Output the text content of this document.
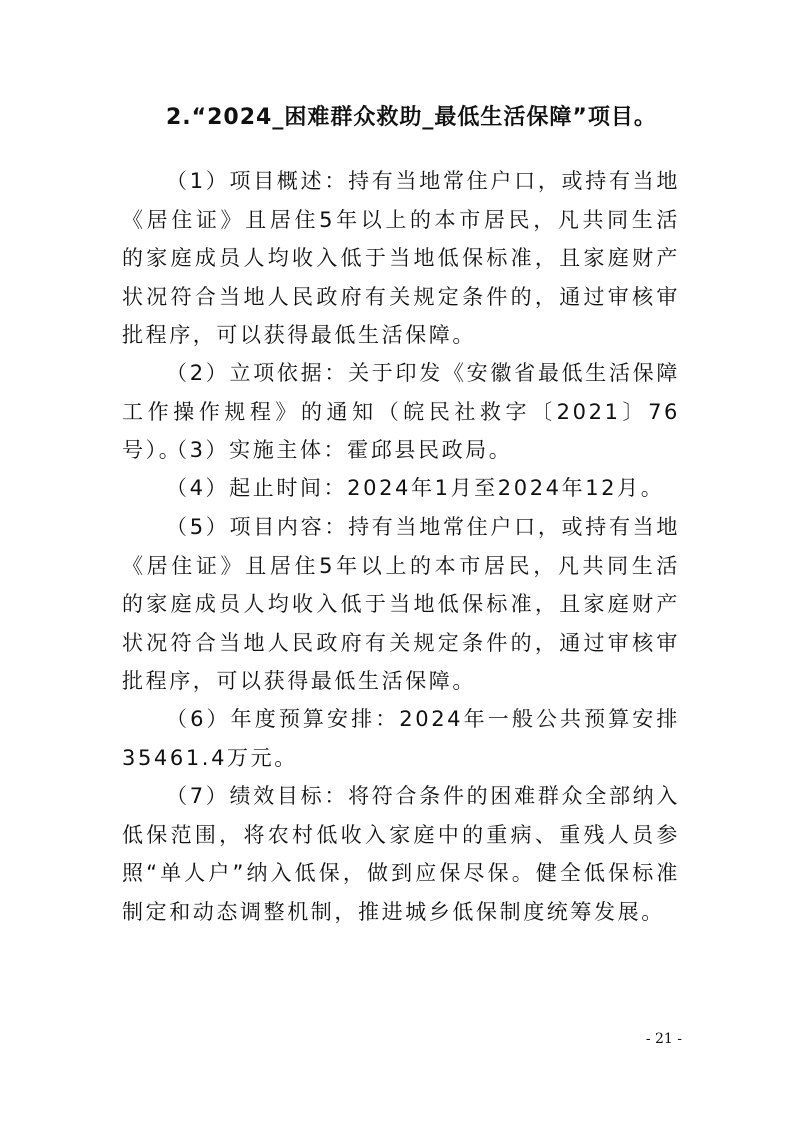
2.“2024_困难群众救助_最低生活保障”项目。

（1）项目概述：持有当地常住户口，或持有当地《居住证》且居住5年以上的本市居民，凡共同生活的家庭成员人均收入低于当地低保标准，且家庭财产状况符合当地人民政府有关规定条件的，通过审核审批程序，可以获得最低生活保障。

（2）立项依据：关于印发《安徽省最低生活保障工作操作规程》的通知（皖民社救字〔2021〕76号）。

（3）实施主体：霍邱县民政局。

（4）起止时间：2024年1月至2024年12月。

（5）项目内容：持有当地常住户口，或持有当地《居住证》且居住5年以上的本市居民，凡共同生活的家庭成员人均收入低于当地低保标准，且家庭财产状况符合当地人民政府有关规定条件的，通过审核审批程序，可以获得最低生活保障。

（6）年度预算安排：2024年一般公共预算安排35461.4万元。

（7）绩效目标：将符合条件的困难群众全部纳入低保范围，将农村低收入家庭中的重病、重残人员参照“单人户”纳入低保，做到应保尽保。健全低保标准制定和动态调整机制，推进城乡低保制度统筹发展。

- 21 -
